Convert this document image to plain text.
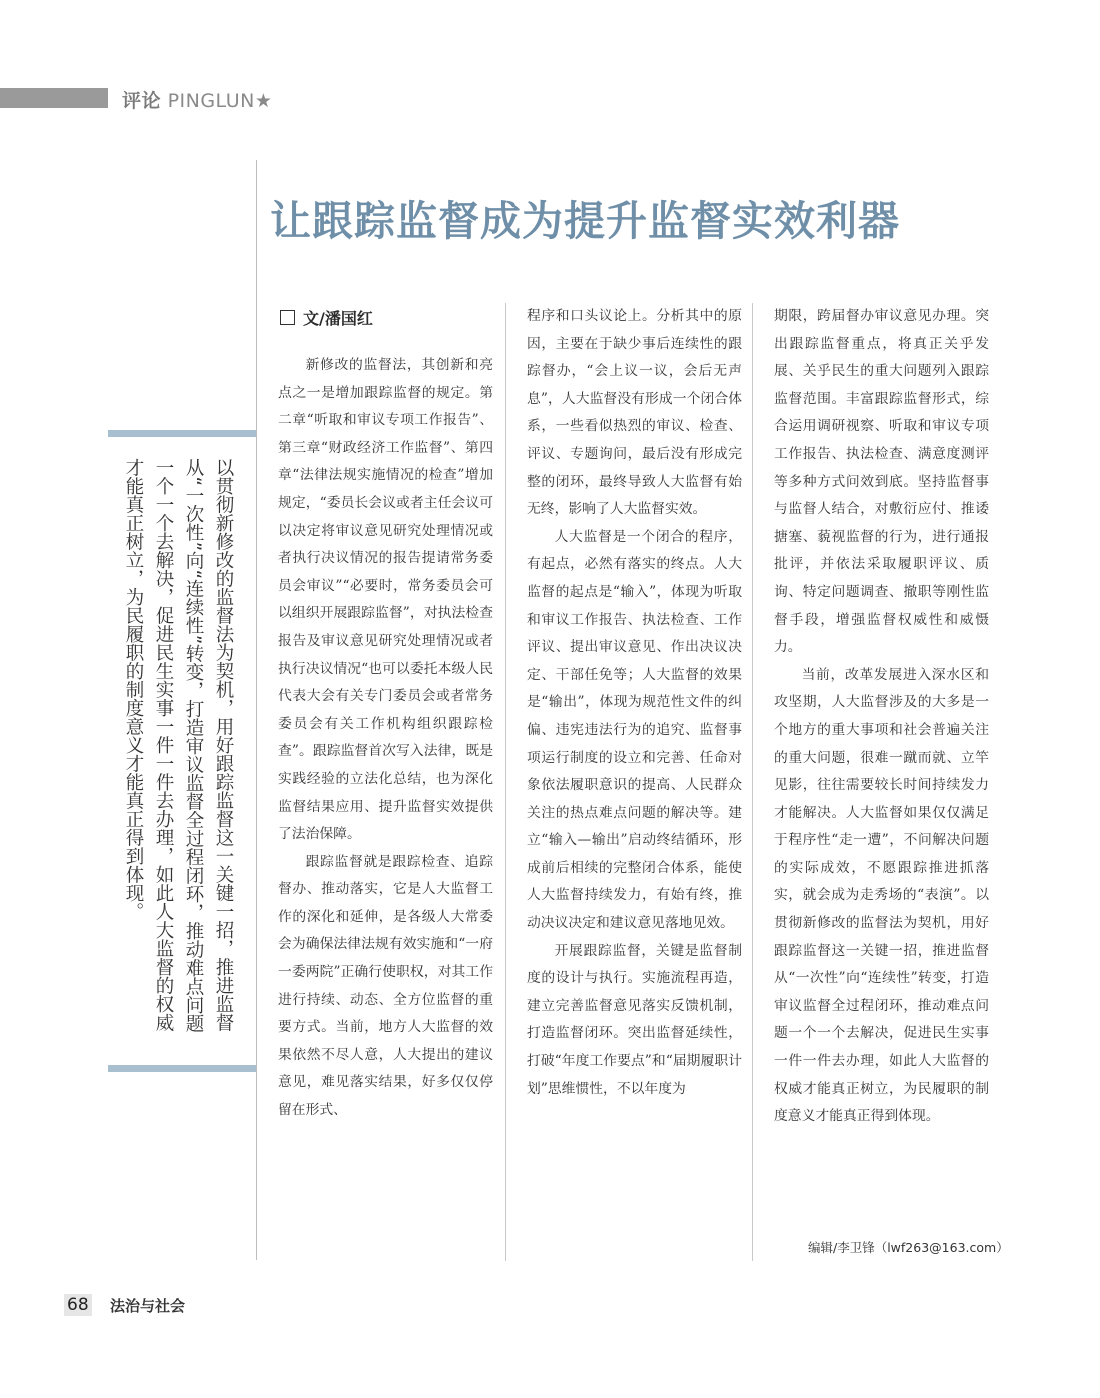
评论 PINGLUN★
让跟踪监督成为提升监督实效利器
文/潘国红
以贯彻新修改的监督法为契机，用好跟踪监督这一关键一招，推进监督从“一次性”向“连续性”转变，打造审议监督全过程闭环，推动难点问题一个一个去解决，促进民生实事一件一件去办理，如此人大监督的权威才能真正树立，为民履职的制度意义才能真正得到体现。

新修改的监督法，其创新和亮点之一是增加跟踪监督的规定。第二章“听取和审议专项工作报告”、第三章“财政经济工作监督”、第四章“法律法规实施情况的检查”增加规定，“委员长会议或者主任会议可以决定将审议意见研究处理情况或者执行决议情况的报告提请常务委员会审议”“必要时，常务委员会可以组织开展跟踪监督”，对执法检查报告及审议意见研究处理情况或者执行决议情况“也可以委托本级人民代表大会有关专门委员会或者常务委员会有关工作机构组织跟踪检查”。跟踪监督首次写入法律，既是实践经验的立法化总结，也为深化监督结果应用、提升监督实效提供了法治保障。

跟踪监督就是跟踪检查、追踪督办、推动落实，它是人大监督工作的深化和延伸，是各级人大常委会为确保法律法规有效实施和“一府一委两院”正确行使职权，对其工作进行持续、动态、全方位监督的重要方式。当前，地方人大监督的效果依然不尽人意，人大提出的建议意见，难见落实结果，好多仅仅停留在形式、

程序和口头议论上。分析其中的原因，主要在于缺少事后连续性的跟踪督办，“会上议一议，会后无声息”，人大监督没有形成一个闭合体系，一些看似热烈的审议、检查、评议、专题询问，最后没有形成完整的闭环，最终导致人大监督有始无终，影响了人大监督实效。

人大监督是一个闭合的程序，有起点，必然有落实的终点。人大监督的起点是“输入”，体现为听取和审议工作报告、执法检查、工作评议、提出审议意见、作出决议决定、干部任免等；人大监督的效果是“输出”，体现为规范性文件的纠偏、违宪违法行为的追究、监督事项运行制度的设立和完善、任命对象依法履职意识的提高、人民群众关注的热点难点问题的解决等。建立“输入—输出”启动终结循环，形成前后相续的完整闭合体系，能使人大监督持续发力，有始有终，推动决议决定和建议意见落地见效。

开展跟踪监督，关键是监督制度的设计与执行。实施流程再造，建立完善监督意见落实反馈机制，打造监督闭环。突出监督延续性，打破“年度工作要点”和“届期履职计划”思维惯性，不以年度为

期限，跨届督办审议意见办理。突出跟踪监督重点，将真正关乎发展、关乎民生的重大问题列入跟踪监督范围。丰富跟踪监督形式，综合运用调研视察、听取和审议专项工作报告、执法检查、满意度测评等多种方式问效到底。坚持监督事与监督人结合，对敷衍应付、推诿搪塞、藐视监督的行为，进行通报批评，并依法采取履职评议、质询、特定问题调查、撤职等刚性监督手段，增强监督权威性和威慑力。

当前，改革发展进入深水区和攻坚期，人大监督涉及的大多是一个地方的重大事项和社会普遍关注的重大问题，很难一蹴而就、立竿见影，往往需要较长时间持续发力才能解决。人大监督如果仅仅满足于程序性“走一遭”，不问解决问题的实际成效，不愿跟踪推进抓落实，就会成为走秀场的“表演”。以贯彻新修改的监督法为契机，用好跟踪监督这一关键一招，推进监督从“一次性”向“连续性”转变，打造审议监督全过程闭环，推动难点问题一个一个去解决，促进民生实事一件一件去办理，如此人大监督的权威才能真正树立，为民履职的制度意义才能真正得到体现。

编辑/李卫锋（lwf263@163.com）
68 法治与社会
